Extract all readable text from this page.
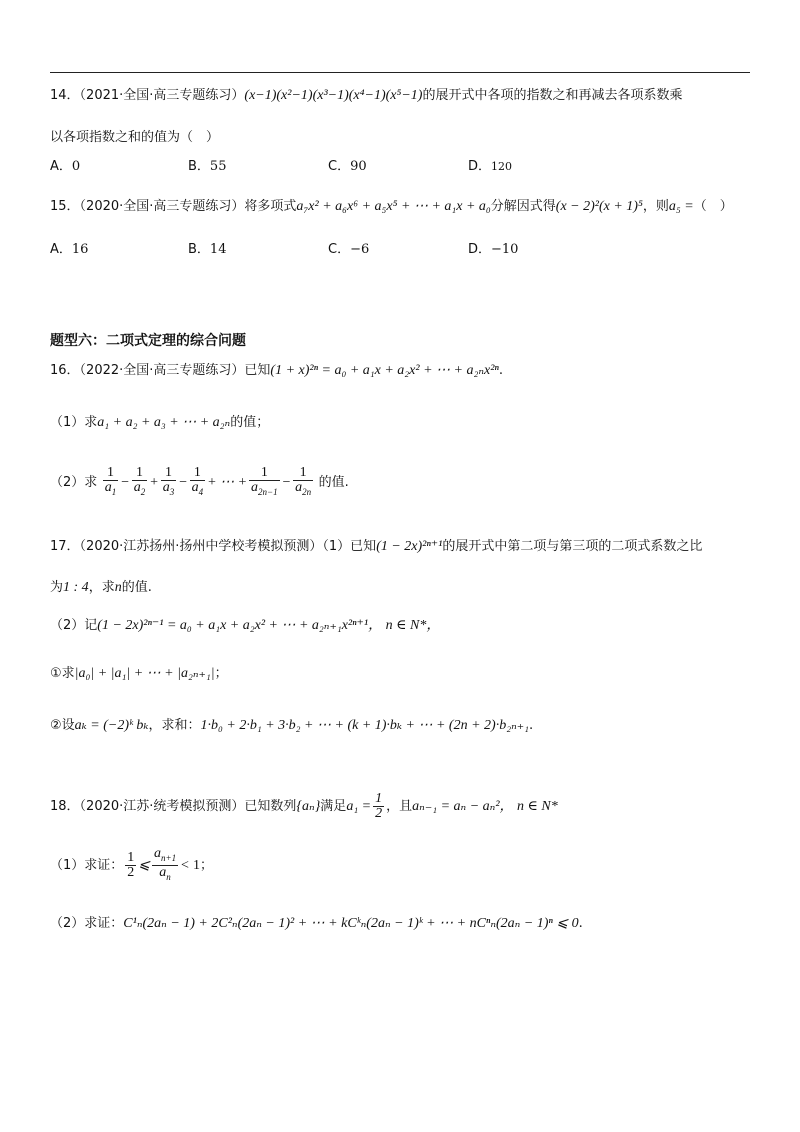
14．（2021·全国·高三专题练习）(x−1)(x²−1)(x³−1)(x⁴−1)(x⁵−1)的展开式中各项的指数之和再减去各项系数乘
以各项指数之和的值为（　）
A．0	B．55	C．90	D．120
15．（2020·全国·高三专题练习）将多项式a₇x² + a₆x⁶ + a₅x⁵ + ⋯ + a₁x + a₀分解因式得(x − 2)²(x + 1)⁵，则a₅ =（　）
A．16	B．14	C．−6	D．−10
题型六：二项式定理的综合问题
16．（2022·全国·高三专题练习）已知(1 + x)²ⁿ = a₀ + a₁x + a₂x² + ⋯ + a₂ₙx²ⁿ.
（1）求a₁ + a₂ + a₃ + ⋯ + a₂ₙ的值；
（2）求 $\frac{1}{a_1} - \frac{1}{a_2} + \frac{1}{a_3} - \frac{1}{a_4}$ + ⋯ + $\frac{1}{a_{2n-1}} - \frac{1}{a_{2n}}$ 的值.
17．（2020·江苏扬州·扬州中学校考模拟预测）（1）已知(1 − 2x)²ⁿ⁺¹的展开式中第二项与第三项的二项式系数之比
为1 : 4，求n的值.
（2）记(1 − 2x)²ⁿ⁻¹ = a₀ + a₁x + a₂x² + ⋯ + a₂ₙ₊₁x²ⁿ⁺¹， n ∈ N*，
①求|a₀| + |a₁| + ⋯ + |a₂ₙ₊₁|；
②设aₖ = (−2)ᵏ bₖ，求和：1·b₀ + 2·b₁ + 3·b₂ + ⋯ + (k + 1)·bₖ + ⋯ + (2n + 2)·b₂ₙ₊₁.
18．（2020·江苏·统考模拟预测）已知数列{aₙ}满足$a_1 = \frac{1}{2}$ ，且aₙ₋₁ = aₙ − aₙ²， n ∈ N*
（1）求证： $\frac{1}{2}$ ⩽ $\frac{a_{n+1}}{a_n} < 1$；
（2）求证：C¹ₙ(2aₙ − 1) + 2C²ₙ(2aₙ − 1)² + ⋯ + kCᵏₙ(2aₙ − 1)ᵏ + ⋯ + nCⁿₙ(2aₙ − 1)ⁿ ⩽ 0.
